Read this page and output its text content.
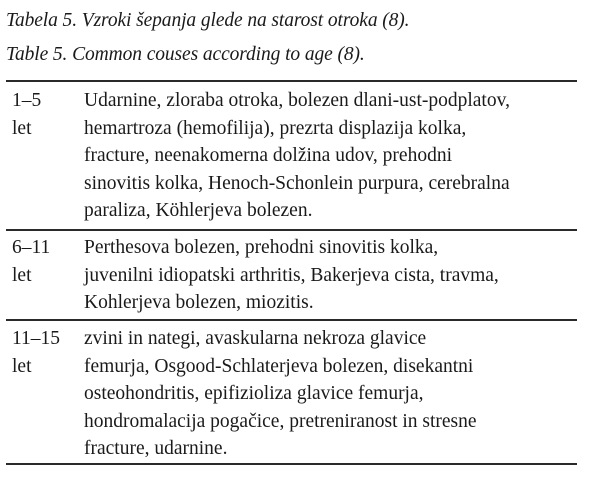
Tabela 5. Vzroki šepanja glede na starost otroka (8).
Table 5. Common couses according to age (8).
1–5
let
Udarnine, zloraba otroka, bolezen dlani-ust-podplatov,
hemartroza (hemofilija), prezrta displazija kolka,
fracture, neenakomerna dolžina udov, prehodni
sinovitis kolka, Henoch-Schonlein purpura, cerebralna
paraliza, Köhlerjeva bolezen.
6–11
let
Perthesova bolezen, prehodni sinovitis kolka,
juvenilni idiopatski arthritis, Bakerjeva cista, travma,
Kohlerjeva bolezen, miozitis.
11–15
let
zvini in nategi, avaskularna nekroza glavice
femurja, Osgood-Schlaterjeva bolezen, disekantni
osteohondritis, epifizioliza glavice femurja,
hondromalacija pogačice, pretreniranost in stresne
fracture, udarnine.
